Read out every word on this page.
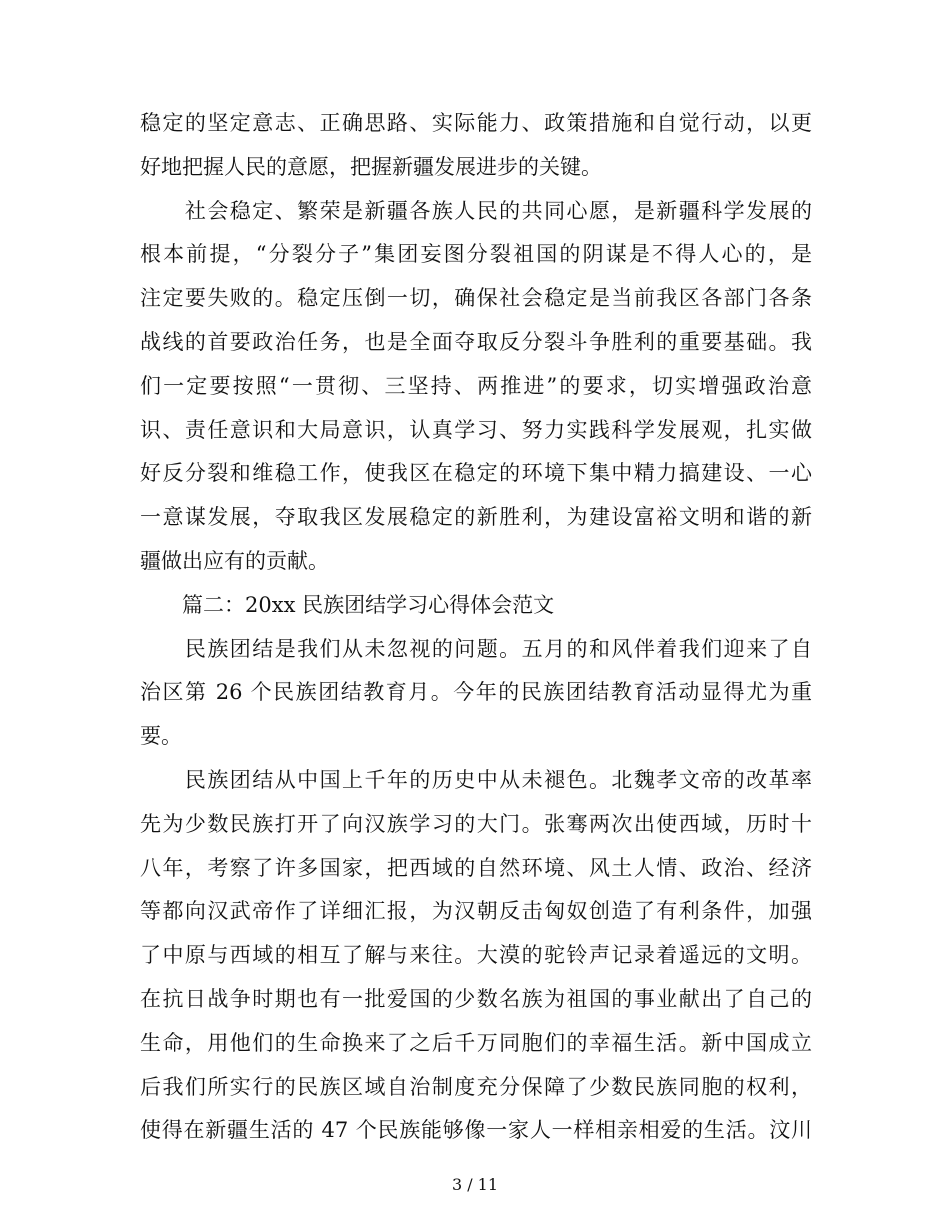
稳定的坚定意志、正确思路、实际能力、政策措施和自觉行动，以更
好地把握人民的意愿，把握新疆发展进步的关键。
　　社会稳定、繁荣是新疆各族人民的共同心愿，是新疆科学发展的
根本前提，“分裂分子”集团妄图分裂祖国的阴谋是不得人心的，是
注定要失败的。稳定压倒一切，确保社会稳定是当前我区各部门各条
战线的首要政治任务，也是全面夺取反分裂斗争胜利的重要基础。我
们一定要按照“一贯彻、三坚持、两推进”的要求，切实增强政治意
识、责任意识和大局意识，认真学习、努力实践科学发展观，扎实做
好反分裂和维稳工作，使我区在稳定的环境下集中精力搞建设、一心
一意谋发展，夺取我区发展稳定的新胜利，为建设富裕文明和谐的新
疆做出应有的贡献。
　　篇二：20xx 民族团结学习心得体会范文
　　民族团结是我们从未忽视的问题。五月的和风伴着我们迎来了自
治区第 26 个民族团结教育月。今年的民族团结教育活动显得尤为重
要。
　　民族团结从中国上千年的历史中从未褪色。北魏孝文帝的改革率
先为少数民族打开了向汉族学习的大门。张骞两次出使西域，历时十
八年，考察了许多国家，把西域的自然环境、风土人情、政治、经济
等都向汉武帝作了详细汇报，为汉朝反击匈奴创造了有利条件，加强
了中原与西域的相互了解与来往。大漠的驼铃声记录着遥远的文明。
在抗日战争时期也有一批爱国的少数名族为祖国的事业献出了自己的
生命，用他们的生命换来了之后千万同胞们的幸福生活。新中国成立
后我们所实行的民族区域自治制度充分保障了少数民族同胞的权利，
使得在新疆生活的 47 个民族能够像一家人一样相亲相爱的生活。汶川
3 / 11
